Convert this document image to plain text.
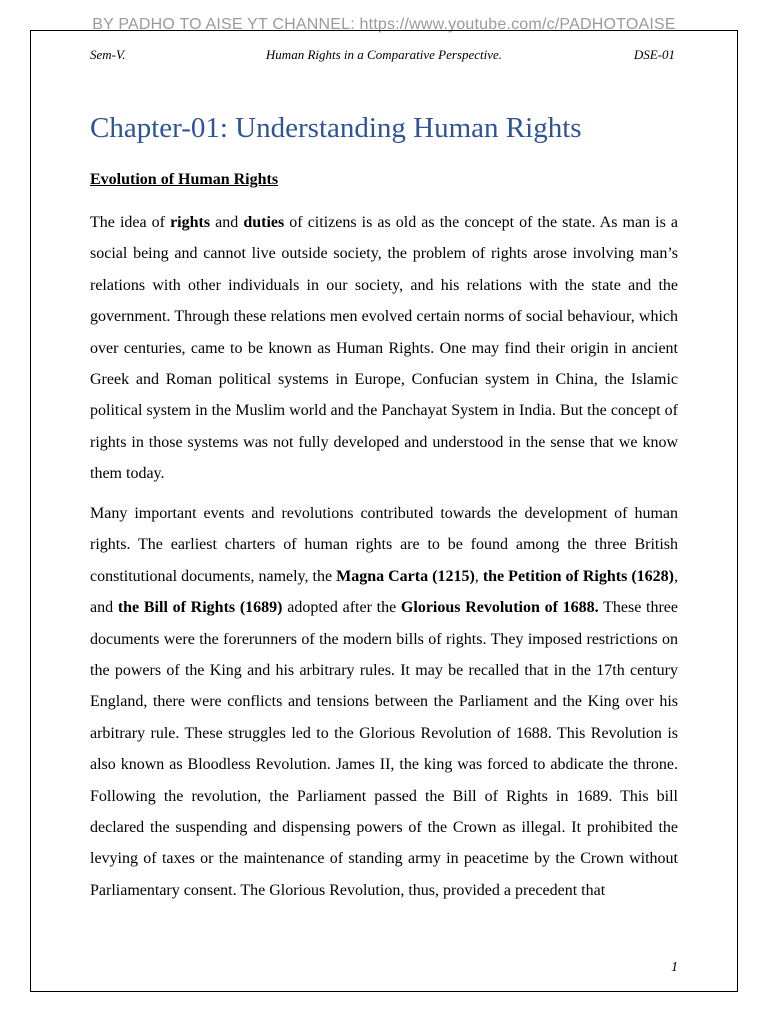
BY PADHO TO AISE YT CHANNEL: https://www.youtube.com/c/PADHOTOAISE
Sem-V.	Human Rights in a Comparative Perspective.	DSE-01
Chapter-01: Understanding Human Rights
Evolution of Human Rights

The idea of rights and duties of citizens is as old as the concept of the state. As man is a social being and cannot live outside society, the problem of rights arose involving man’s relations with other individuals in our society, and his relations with the state and the government. Through these relations men evolved certain norms of social behaviour, which over centuries, came to be known as Human Rights. One may find their origin in ancient Greek and Roman political systems in Europe, Confucian system in China, the Islamic political system in the Muslim world and the Panchayat System in India. But the concept of rights in those systems was not fully developed and understood in the sense that we know them today.

Many important events and revolutions contributed towards the development of human rights. The earliest charters of human rights are to be found among the three British constitutional documents, namely, the Magna Carta (1215), the Petition of Rights (1628), and the Bill of Rights (1689) adopted after the Glorious Revolution of 1688. These three documents were the forerunners of the modern bills of rights. They imposed restrictions on the powers of the King and his arbitrary rules. It may be recalled that in the 17th century England, there were conflicts and tensions between the Parliament and the King over his arbitrary rule. These struggles led to the Glorious Revolution of 1688. This Revolution is also known as Bloodless Revolution. James II, the king was forced to abdicate the throne. Following the revolution, the Parliament passed the Bill of Rights in 1689. This bill declared the suspending and dispensing powers of the Crown as illegal. It prohibited the levying of taxes or the maintenance of standing army in peacetime by the Crown without Parliamentary consent. The Glorious Revolution, thus, provided a precedent that

1
